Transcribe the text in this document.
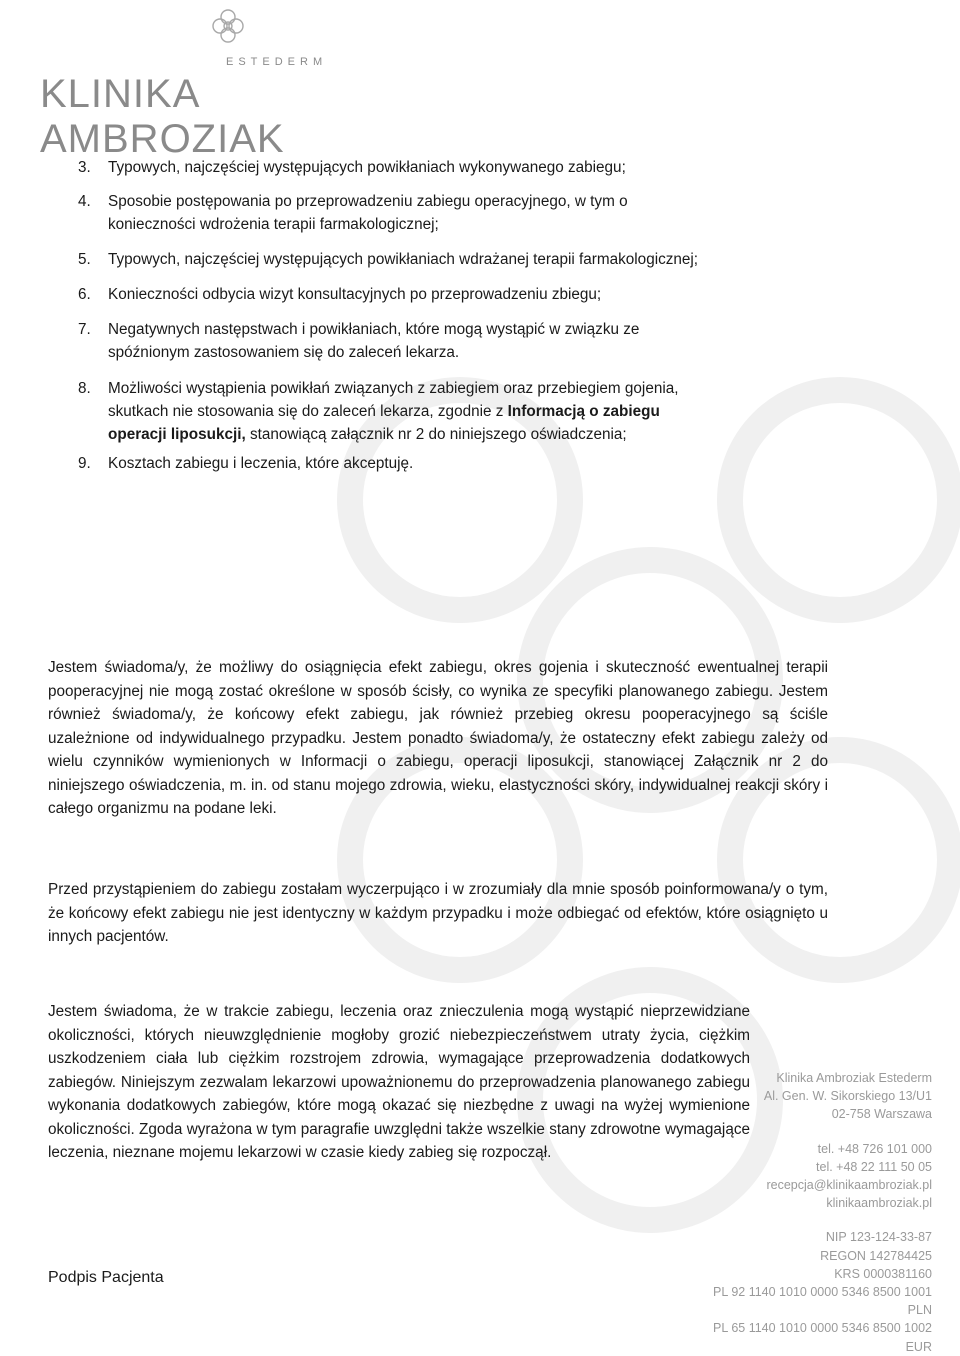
ESTEDERM
KLINIKA AMBROZIAK
3.	Typowych, najczęściej występujących powikłaniach wykonywanego zabiegu;
4.	Sposobie postępowania po przeprowadzeniu zabiegu operacyjnego, w tym o konieczności wdrożenia terapii farmakologicznej;
5.	Typowych, najczęściej występujących powikłaniach wdrażanej terapii farmakologicznej;
6.	Konieczności odbycia wizyt konsultacyjnych po przeprowadzeniu zbiegu;
7.	Negatywnych następstwach i powikłaniach, które mogą wystąpić w związku ze spóźnionym zastosowaniem się do zaleceń lekarza.
8.	Możliwości wystąpienia powikłań związanych z zabiegiem oraz przebiegiem gojenia, skutkach nie stosowania się do zaleceń lekarza, zgodnie z Informacją o zabiegu operacji liposukcji, stanowiącą załącznik nr 2 do niniejszego oświadczenia;
9.	Kosztach zabiegu i leczenia, które akceptuję.

Jestem świadoma/y, że możliwy do osiągnięcia efekt zabiegu, okres gojenia i skuteczność ewentualnej terapii pooperacyjnej nie mogą zostać określone w sposób ścisły, co wynika ze specyfiki planowanego zabiegu. Jestem również świadoma/y, że końcowy efekt zabiegu, jak również przebieg okresu pooperacyjnego są ściśle uzależnione od indywidualnego przypadku. Jestem ponadto świadoma/y, że ostateczny efekt zabiegu zależy od wielu czynników wymienionych w Informacji o zabiegu, operacji liposukcji, stanowiącej Załącznik nr 2 do niniejszego oświadczenia, m. in. od stanu mojego zdrowia, wieku, elastyczności skóry, indywidualnej reakcji skóry i całego organizmu na podane leki.

Przed przystąpieniem do zabiegu zostałam wyczerpująco i w zrozumiały dla mnie sposób poinformowana/y o tym, że końcowy efekt zabiegu nie jest identyczny w każdym przypadku i może odbiegać od efektów, które osiągnięto u innych pacjentów.

Jestem świadoma, że w trakcie zabiegu, leczenia oraz znieczulenia mogą wystąpić nieprzewidziane okoliczności, których nieuwzględnienie mogłoby grozić niebezpieczeństwem utraty życia, ciężkim uszkodzeniem ciała lub ciężkim rozstrojem zdrowia, wymagające przeprowadzenia dodatkowych zabiegów. Niniejszym zezwalam lekarzowi upoważnionemu do przeprowadzenia planowanego zabiegu wykonania dodatkowych zabiegów, które mogą okazać się niezbędne z uwagi na wyżej wymienione okoliczności. Zgoda wyrażona w tym paragrafie uwzględni także wszelkie stany zdrowotne wymagające leczenia, nieznane mojemu lekarzowi w czasie kiedy zabieg się rozpoczął.

Podpis Pacjenta
Klinika Ambroziak Estederm
Al. Gen. W. Sikorskiego 13/U1
02-758 Warszawa
tel. +48 726 101 000
tel. +48 22 111 50 05
recepcja@klinikaambroziak.pl
klinikaambroziak.pl
NIP 123-124-33-87
REGON 142784425
KRS 0000381160
PL 92 1140 1010 0000 5346 8500 1001 PLN
PL 65 1140 1010 0000 5346 8500 1002 EUR
